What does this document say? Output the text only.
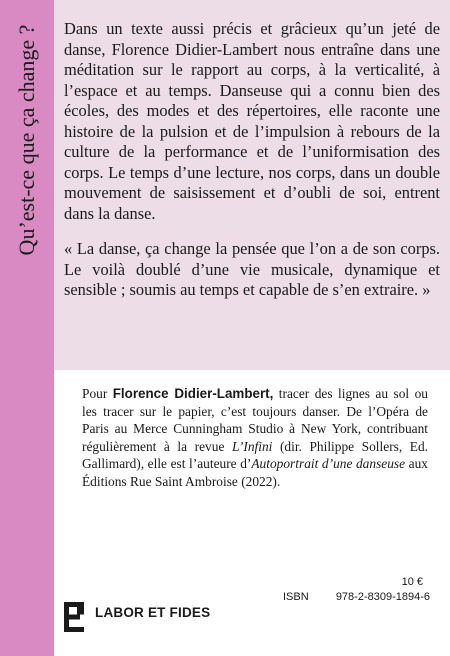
Qu’est-ce que ça change ? Dans un texte aussi précis et grâcieux qu’un jeté de danse, Florence Didier-Lambert nous entraîne dans une méditation sur le rapport au corps, à la verticalité, à l’espace et au temps. Danseuse qui a connu bien des écoles, des modes et des répertoires, elle raconte une histoire de la pulsion et de l’impulsion à rebours de la culture de la performance et de l’uniformisation des corps. Le temps d’une lecture, nos corps, dans un double mouvement de saisissement et d’oubli de soi, entrent dans la danse.

« La danse, ça change la pensée que l’on a de son corps. Le voilà doublé d’une vie musicale, dynamique et sensible ; soumis au temps et capable de s’en extraire. »

Pour Florence Didier-Lambert, tracer des lignes au sol ou les tracer sur le papier, c’est toujours danser. De l’Opéra de Paris au Merce Cunningham Studio à New York, contribuant régulièrement à la revue L’Infini (dir. Philippe Sollers, Ed. Gallimard), elle est l’auteure d’Autoportrait d’une danseuse aux Éditions Rue Saint Ambroise (2022).

10 €
ISBN 978-2-8309-1894-6
LABOR ET FIDES
